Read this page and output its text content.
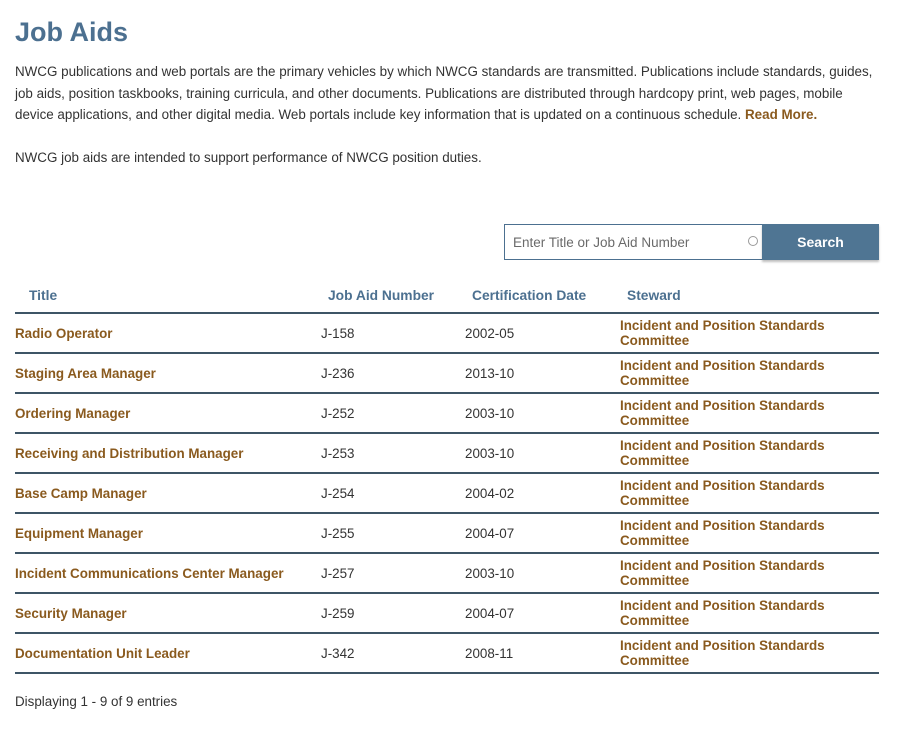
Job Aids

NWCG publications and web portals are the primary vehicles by which NWCG standards are transmitted. Publications include standards, guides, job aids, position taskbooks, training curricula, and other documents. Publications are distributed through hardcopy print, web pages, mobile device applications, and other digital media. Web portals include key information that is updated on a continuous schedule. Read More.

NWCG job aids are intended to support performance of NWCG position duties.

Enter Title or Job Aid Number
Search
Title	Job Aid Number	Certification Date	Steward
Radio Operator	J-158	2002-05	Incident and Position Standards Committee
Staging Area Manager	J-236	2013-10	Incident and Position Standards Committee
Ordering Manager	J-252	2003-10	Incident and Position Standards Committee
Receiving and Distribution Manager	J-253	2003-10	Incident and Position Standards Committee
Base Camp Manager	J-254	2004-02	Incident and Position Standards Committee
Equipment Manager	J-255	2004-07	Incident and Position Standards Committee
Incident Communications Center Manager	J-257	2003-10	Incident and Position Standards Committee
Security Manager	J-259	2004-07	Incident and Position Standards Committee
Documentation Unit Leader	J-342	2008-11	Incident and Position Standards Committee

Displaying 1 - 9 of 9 entries
